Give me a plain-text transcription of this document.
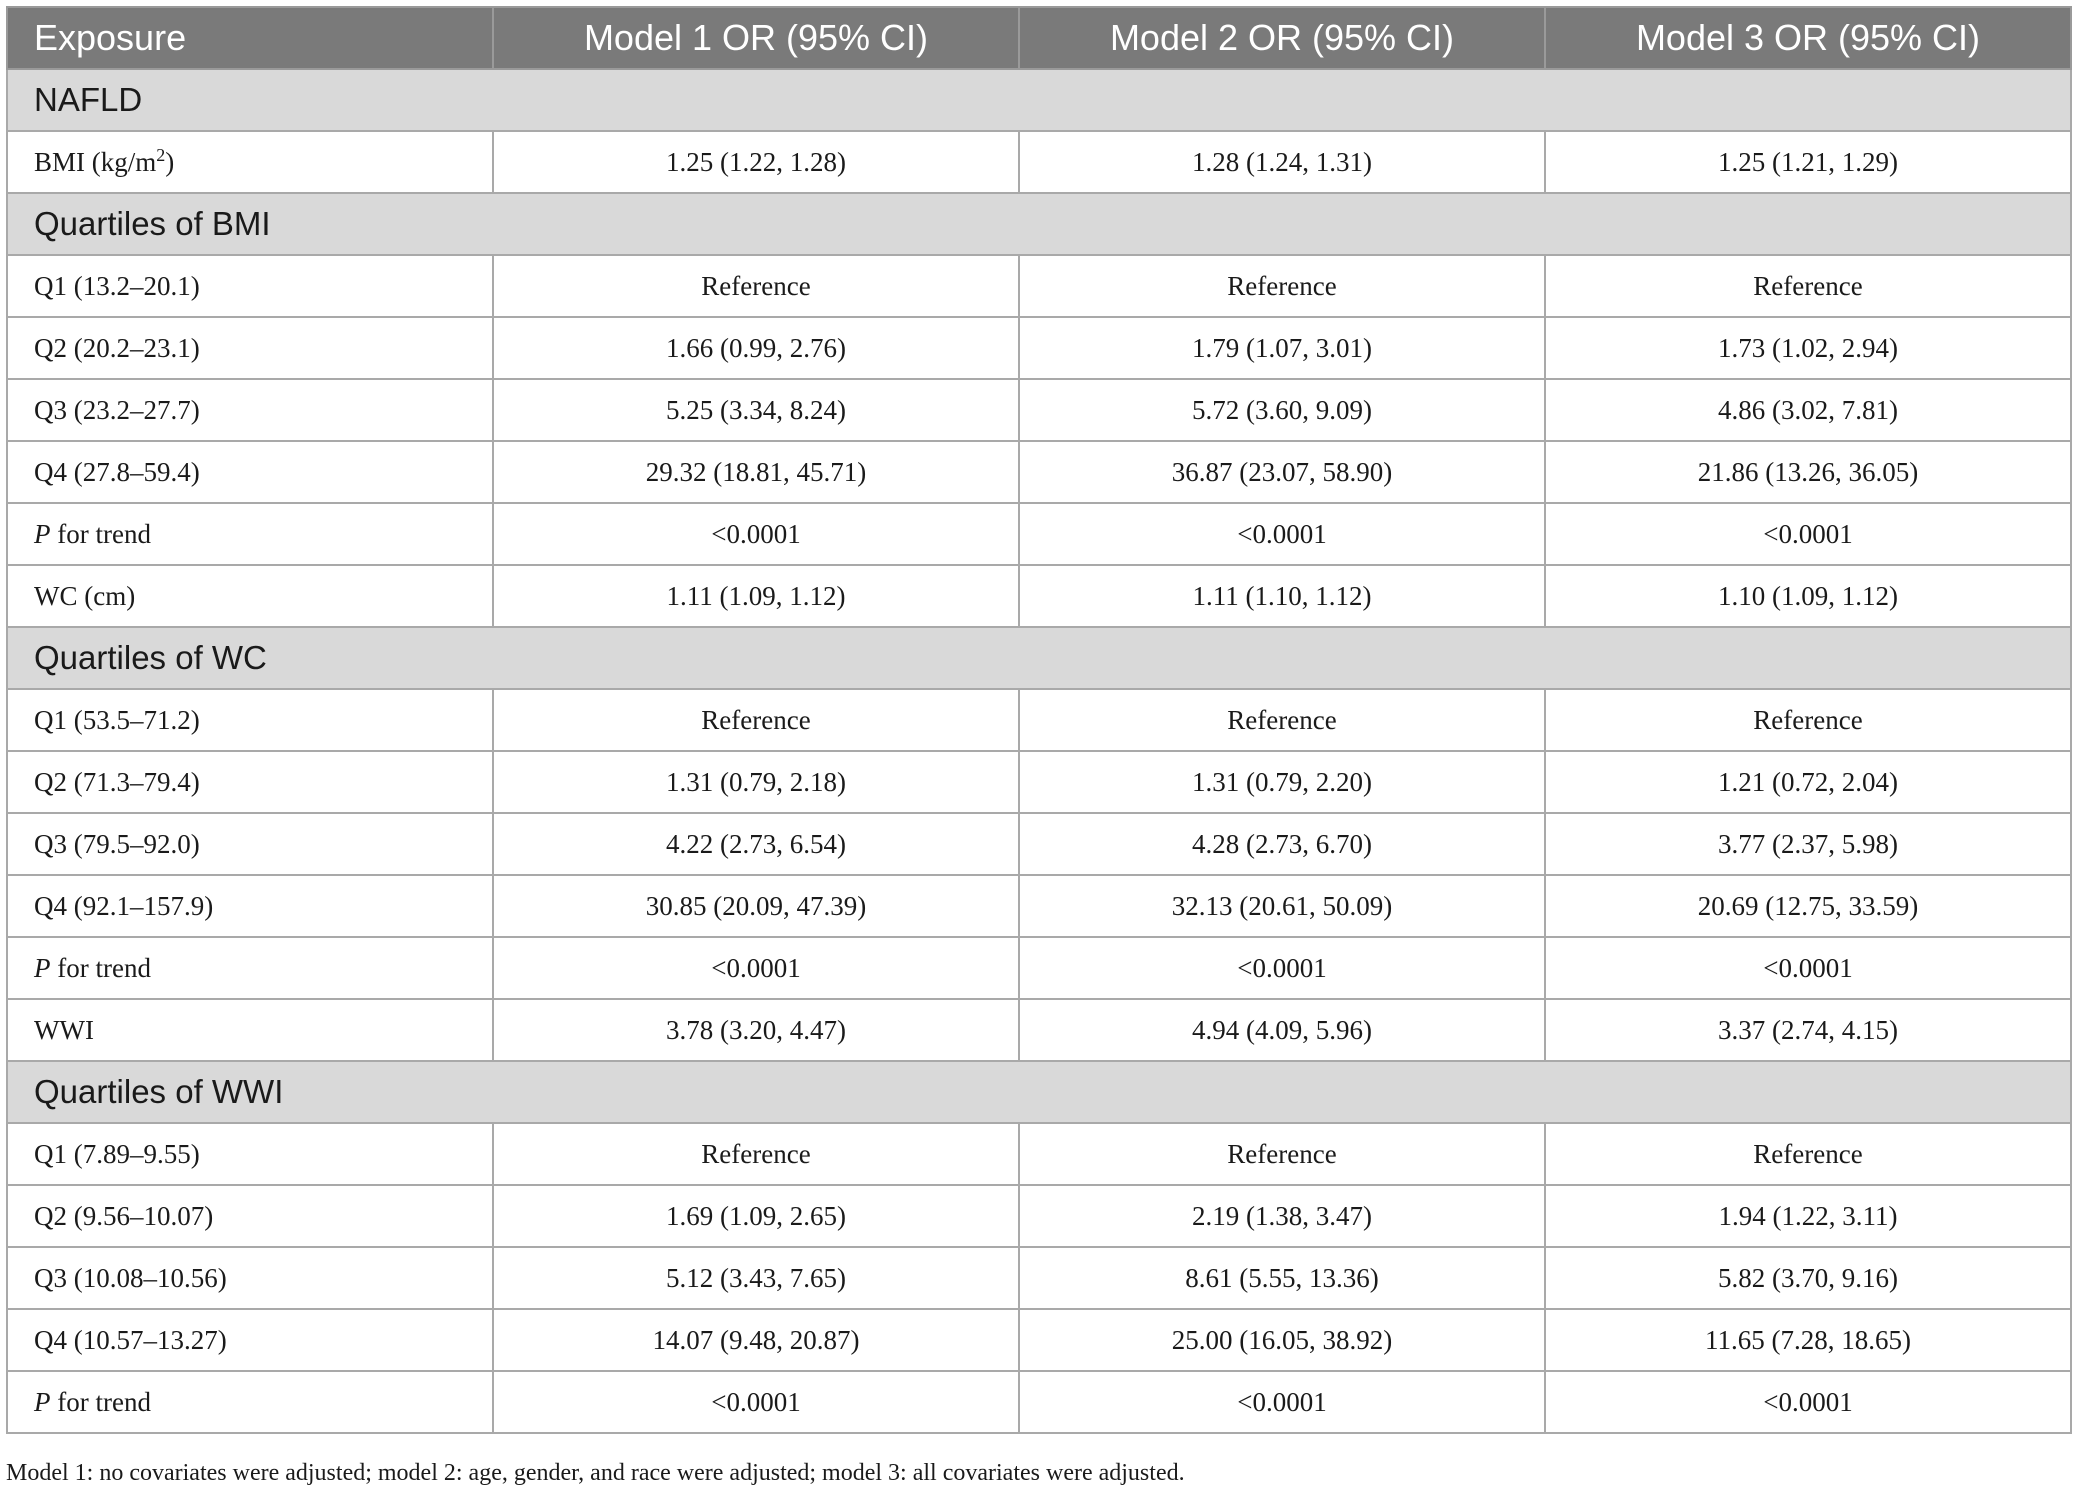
Exposure	Model 1 OR (95% CI)	Model 2 OR (95% CI)	Model 3 OR (95% CI)
NAFLD			
BMI $(kg/m^2)$	1.25 (1.22, 1.28)	1.28 (1.24, 1.31)	1.25 (1.21, 1.29)
Quartiles of BMI			
Q1 (13.2–20.1)	Reference	Reference	Reference
Q2 (20.2–23.1)	1.66 (0.99, 2.76)	1.79 (1.07, 3.01)	1.73 (1.02, 2.94)
Q3 (23.2–27.7)	5.25 (3.34, 8.24)	5.72 (3.60, 9.09)	4.86 (3.02, 7.81)
Q4 (27.8–59.4)	29.32 (18.81, 45.71)	36.87 (23.07, 58.90)	21.86 (13.26, 36.05)
P for trend	<0.0001	<0.0001	<0.0001
WC (cm)	1.11 (1.09, 1.12)	1.11 (1.10, 1.12)	1.10 (1.09, 1.12)
Quartiles of WC			
Q1 (53.5–71.2)	Reference	Reference	Reference
Q2 (71.3–79.4)	1.31 (0.79, 2.18)	1.31 (0.79, 2.20)	1.21 (0.72, 2.04)
Q3 (79.5–92.0)	4.22 (2.73, 6.54)	4.28 (2.73, 6.70)	3.77 (2.37, 5.98)
Q4 (92.1–157.9)	30.85 (20.09, 47.39)	32.13 (20.61, 50.09)	20.69 (12.75, 33.59)
P for trend	<0.0001	<0.0001	<0.0001
WWI	3.78 (3.20, 4.47)	4.94 (4.09, 5.96)	3.37 (2.74, 4.15)
Quartiles of WWI			
Q1 (7.89–9.55)	Reference	Reference	Reference
Q2 (9.56–10.07)	1.69 (1.09, 2.65)	2.19 (1.38, 3.47)	1.94 (1.22, 3.11)
Q3 (10.08–10.56)	5.12 (3.43, 7.65)	8.61 (5.55, 13.36)	5.82 (3.70, 9.16)
Q4 (10.57–13.27)	14.07 (9.48, 20.87)	25.00 (16.05, 38.92)	11.65 (7.28, 18.65)
P for trend	<0.0001	<0.0001	<0.0001
Model 1: no covariates were adjusted; model 2: age, gender, and race were adjusted; model 3: all covariates were adjusted.
